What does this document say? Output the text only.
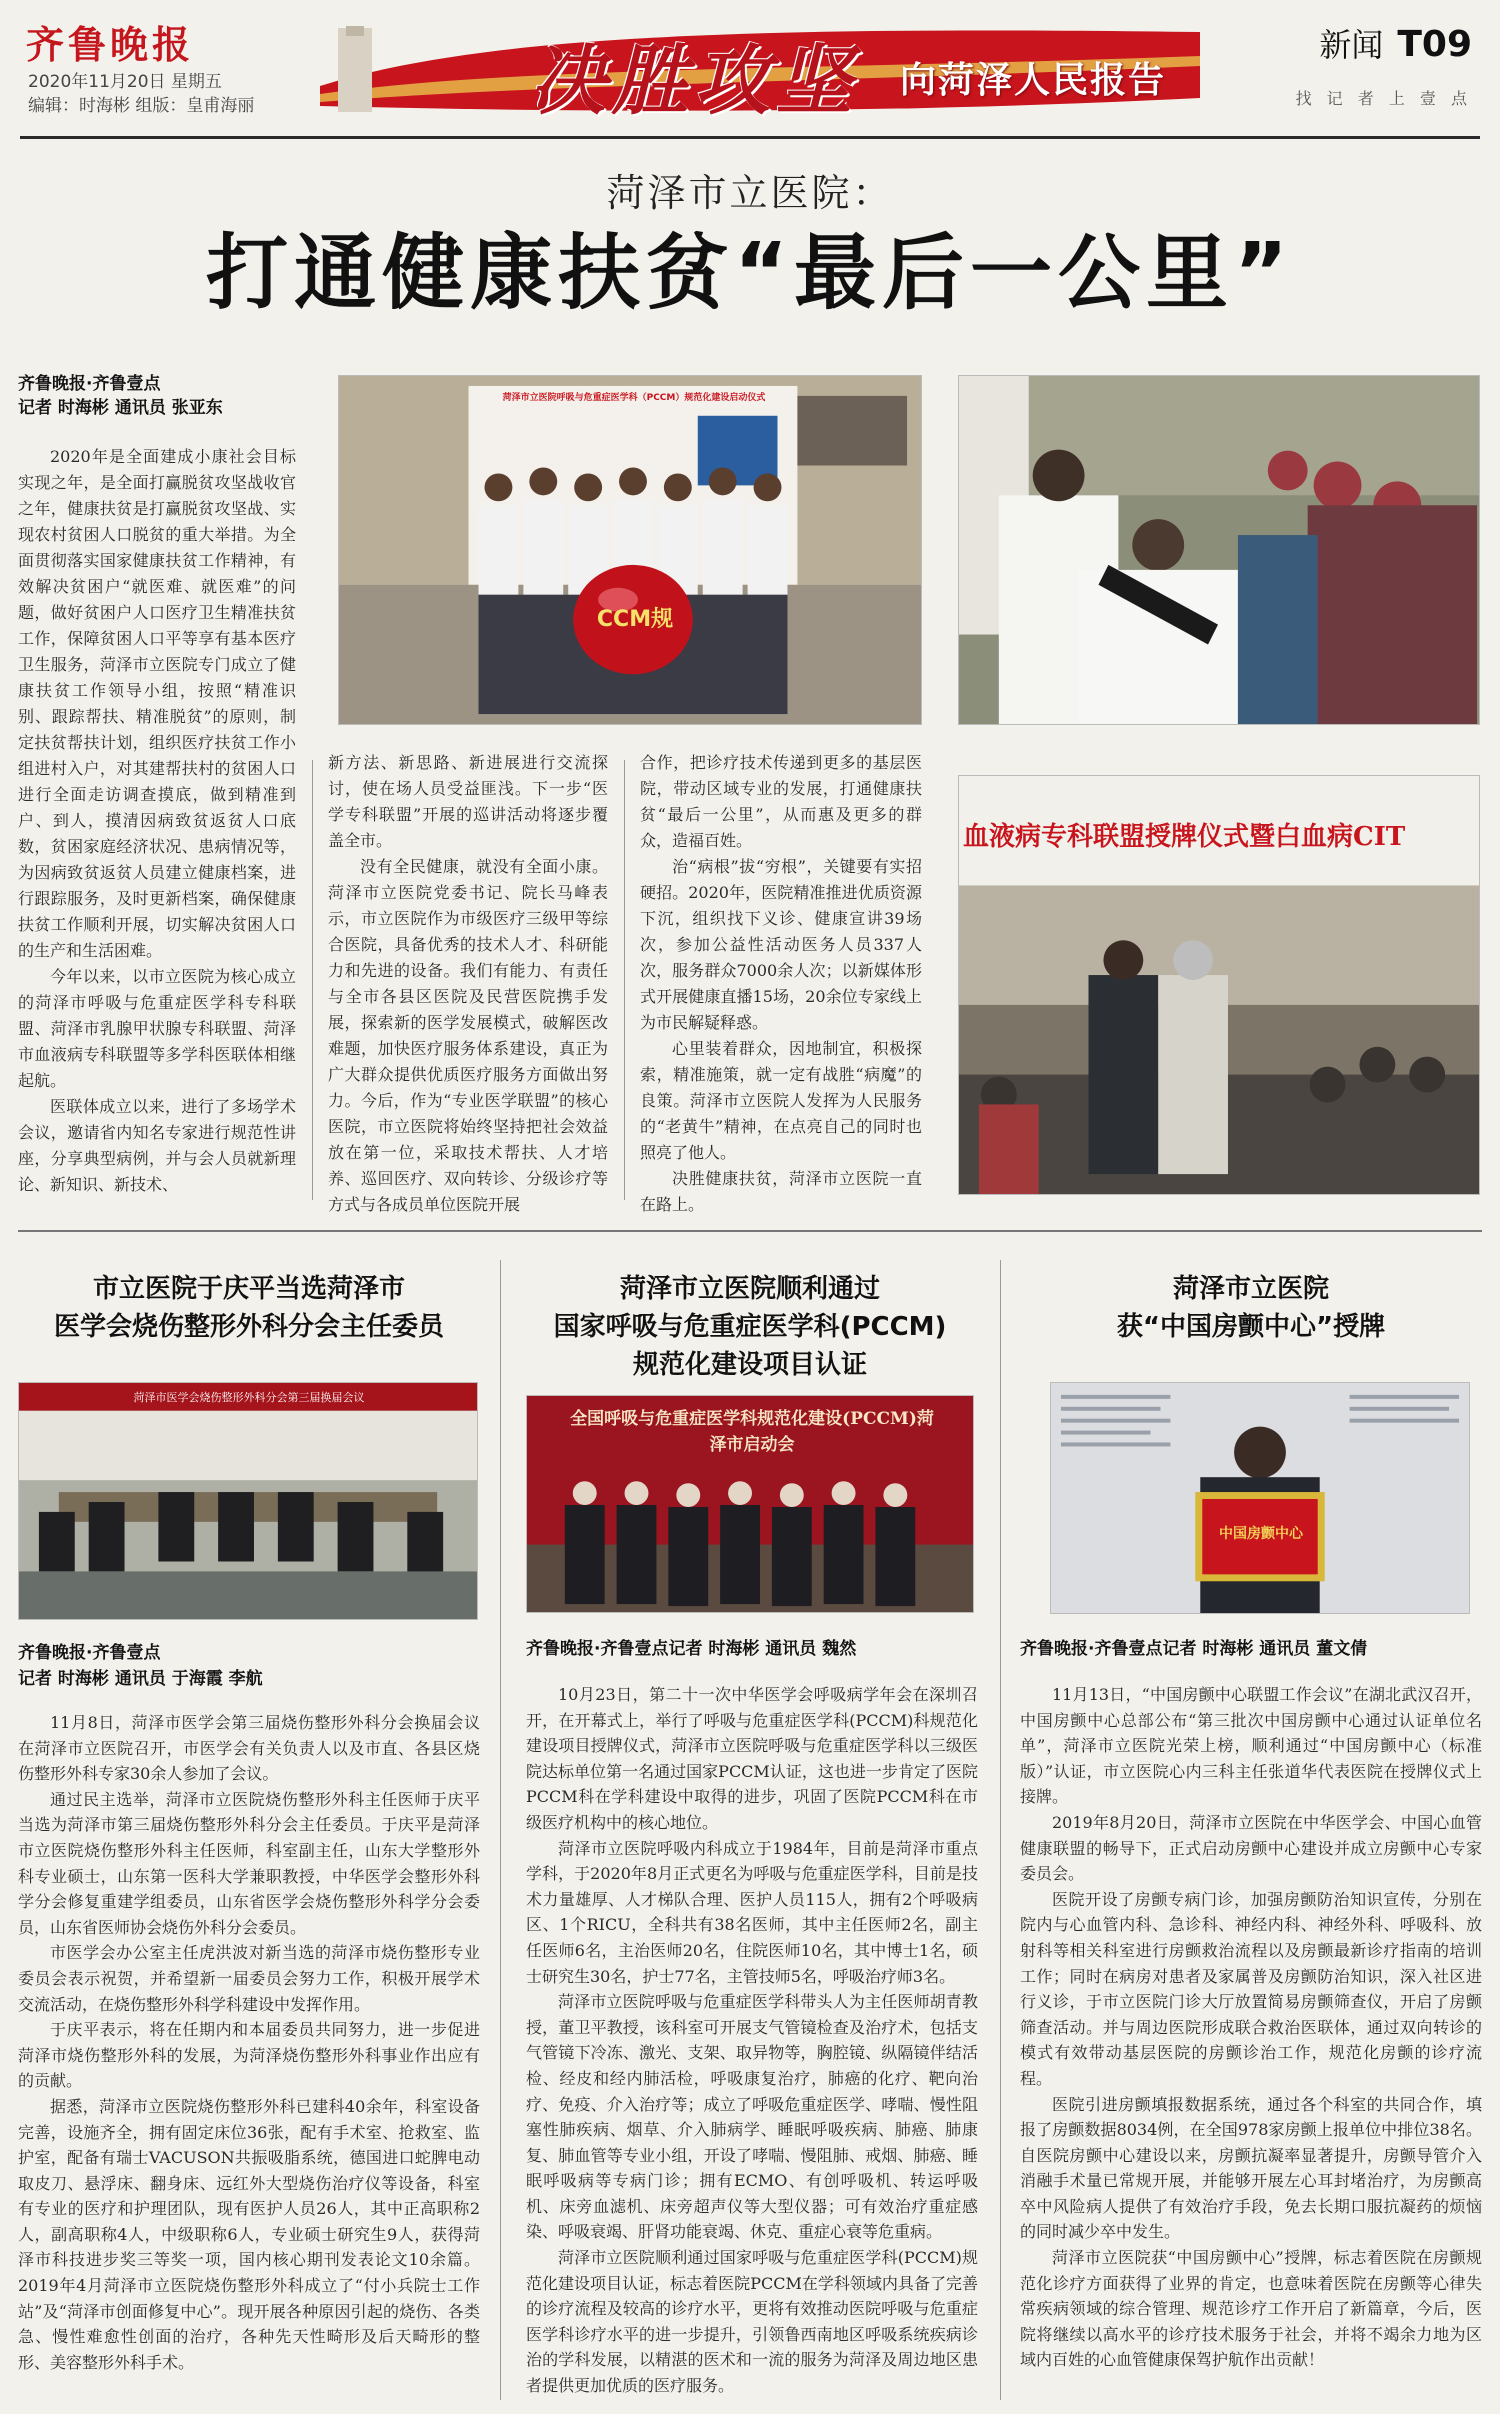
齐鲁晚报
2020年11月20日 星期五
编辑：时海彬 组版：皇甫海丽	决胜攻坚 向菏泽人民报告
新闻 T09
找 记 者 上 壹 点
菏泽市立医院：
打通健康扶贫“最后一公里”
齐鲁晚报·齐鲁壹点
记者 时海彬 通讯员 张亚东

2020年是全面建成小康社会目标实现之年，是全面打赢脱贫攻坚战收官之年，健康扶贫是打赢脱贫攻坚战、实现农村贫困人口脱贫的重大举措。为全面贯彻落实国家健康扶贫工作精神，有效解决贫困户“就医难、就医难”的问题，做好贫困户人口医疗卫生精准扶贫工作，保障贫困人口平等享有基本医疗卫生服务，菏泽市立医院专门成立了健康扶贫工作领导小组，按照“精准识别、跟踪帮扶、精准脱贫”的原则，制定扶贫帮扶计划，组织医疗扶贫工作小组进村入户，对其建帮扶村的贫困人口进行全面走访调查摸底，做到精准到户、到人，摸清因病致贫返贫人口底数，贫困家庭经济状况、患病情况等，为因病致贫返贫人员建立健康档案，进行跟踪服务，及时更新档案，确保健康扶贫工作顺利开展，切实解决贫困人口的生产和生活困难。

今年以来，以市立医院为核心成立的菏泽市呼吸与危重症医学科专科联盟、菏泽市乳腺甲状腺专科联盟、菏泽市血液病专科联盟等多学科医联体相继起航。

医联体成立以来，进行了多场学术会议，邀请省内知名专家进行规范性讲座，分享典型病例，并与会人员就新理论、新知识、新技术、

新方法、新思路、新进展进行交流探讨，使在场人员受益匪浅。下一步“医学专科联盟”开展的巡讲活动将逐步覆盖全市。

没有全民健康，就没有全面小康。菏泽市立医院党委书记、院长马峰表示，市立医院作为市级医疗三级甲等综合医院，具备优秀的技术人才、科研能力和先进的设备。我们有能力、有责任与全市各县区医院及民营医院携手发展，探索新的医学发展模式，破解医改难题，加快医疗服务体系建设，真正为广大群众提供优质医疗服务方面做出努力。今后，作为“专业医学联盟”的核心医院，市立医院将始终坚持把社会效益放在第一位，采取技术帮扶、人才培养、巡回医疗、双向转诊、分级诊疗等方式与各成员单位医院开展

合作，把诊疗技术传递到更多的基层医院，带动区域专业的发展，打通健康扶贫“最后一公里”，从而惠及更多的群众，造福百姓。

治“病根”拔“穷根”，关键要有实招硬招。2020年，医院精准推进优质资源下沉，组织找下义诊、健康宣讲39场次，参加公益性活动医务人员337人次，服务群众7000余人次；以新媒体形式开展健康直播15场，20余位专家线上为市民解疑释惑。

心里装着群众，因地制宜，积极探索，精准施策，就一定有战胜“病魔”的良策。菏泽市立医院人发挥为人民服务的“老黄牛”精神，在点亮自己的同时也照亮了他人。

决胜健康扶贫，菏泽市立医院一直在路上。

菏泽市立医院呼吸与危重症医学科（PCCM）规范化建设启动仪式
CCM规
血液病专科联盟授牌仪式暨白血病CIT
市立医院于庆平当选菏泽市
医学会烧伤整形外科分会主任委员
菏泽市医学会烧伤整形外科分会第三届换届会议
齐鲁晚报·齐鲁壹点
记者 时海彬 通讯员 于海霞 李航

11月8日，菏泽市医学会第三届烧伤整形外科分会换届会议在菏泽市立医院召开，市医学会有关负责人以及市直、各县区烧伤整形外科专家30余人参加了会议。

通过民主选举，菏泽市立医院烧伤整形外科主任医师于庆平当选为菏泽市第三届烧伤整形外科分会主任委员。于庆平是菏泽市立医院烧伤整形外科主任医师，科室副主任，山东大学整形外科专业硕士，山东第一医科大学兼职教授，中华医学会整形外科学分会修复重建学组委员，山东省医学会烧伤整形外科学分会委员，山东省医师协会烧伤外科分会委员。

市医学会办公室主任虎洪波对新当选的菏泽市烧伤整形专业委员会表示祝贺，并希望新一届委员会努力工作，积极开展学术交流活动，在烧伤整形外科学科建设中发挥作用。

于庆平表示，将在任期内和本届委员共同努力，进一步促进菏泽市烧伤整形外科的发展，为菏泽烧伤整形外科事业作出应有的贡献。

据悉，菏泽市立医院烧伤整形外科已建科40余年，科室设备完善，设施齐全，拥有固定床位36张，配有手术室、抢救室、监护室，配备有瑞士VACUSON共振吸脂系统，德国进口蛇脾电动取皮刀、悬浮床、翻身床、远红外大型烧伤治疗仪等设备，科室有专业的医疗和护理团队，现有医护人员26人，其中正高职称2人，副高职称4人，中级职称6人，专业硕士研究生9人，获得菏泽市科技进步奖三等奖一项，国内核心期刊发表论文10余篇。2019年4月菏泽市立医院烧伤整形外科成立了“付小兵院士工作站”及“菏泽市创面修复中心”。现开展各种原因引起的烧伤、各类急、慢性难愈性创面的治疗，各种先天性畸形及后天畸形的整形、美容整形外科手术。

菏泽市立医院顺利通过
国家呼吸与危重症医学科(PCCM)
规范化建设项目认证
全国呼吸与危重症医学科规范化建设(PCCM)菏泽市启动会
齐鲁晚报·齐鲁壹点记者 时海彬 通讯员 魏然

10月23日，第二十一次中华医学会呼吸病学年会在深圳召开，在开幕式上，举行了呼吸与危重症医学科(PCCM)科规范化建设项目授牌仪式，菏泽市立医院呼吸与危重症医学科以三级医院达标单位第一名通过国家PCCM认证，这也进一步肯定了医院PCCM科在学科建设中取得的进步，巩固了医院PCCM科在市级医疗机构中的核心地位。

菏泽市立医院呼吸内科成立于1984年，目前是菏泽市重点学科，于2020年8月正式更名为呼吸与危重症医学科，目前是技术力量雄厚、人才梯队合理、医护人员115人，拥有2个呼吸病区、1个RICU，全科共有38名医师，其中主任医师2名，副主任医师6名，主治医师20名，住院医师10名，其中博士1名，硕士研究生30名，护士77名，主管技师5名，呼吸治疗师3名。

菏泽市立医院呼吸与危重症医学科带头人为主任医师胡青教授，董卫平教授，该科室可开展支气管镜检查及治疗术，包括支气管镜下冷冻、激光、支架、取异物等，胸腔镜、纵隔镜伴结活检、经皮和经内肺活检，呼吸康复治疗，肺癌的化疗、靶向治疗、免疫、介入治疗等；成立了呼吸危重症医学、哮喘、慢性阻塞性肺疾病、烟草、介入肺病学、睡眠呼吸疾病、肺癌、肺康复、肺血管等专业小组，开设了哮喘、慢阻肺、戒烟、肺癌、睡眠呼吸病等专病门诊；拥有ECMO、有创呼吸机、转运呼吸机、床旁血滤机、床旁超声仪等大型仪器；可有效治疗重症感染、呼吸衰竭、肝肾功能衰竭、休克、重症心衰等危重病。

菏泽市立医院顺利通过国家呼吸与危重症医学科(PCCM)规范化建设项目认证，标志着医院PCCM在学科领域内具备了完善的诊疗流程及较高的诊疗水平，更将有效推动医院呼吸与危重症医学科诊疗水平的进一步提升，引领鲁西南地区呼吸系统疾病诊治的学科发展，以精湛的医术和一流的服务为菏泽及周边地区患者提供更加优质的医疗服务。

菏泽市立医院
获“中国房颤中心”授牌
中国房颤中心
齐鲁晚报·齐鲁壹点记者 时海彬 通讯员 董文倩

11月13日，“中国房颤中心联盟工作会议”在湖北武汉召开，中国房颤中心总部公布“第三批次中国房颤中心通过认证单位名单”，菏泽市立医院光荣上榜，顺利通过“中国房颤中心（标准版）”认证，市立医院心内三科主任张道华代表医院在授牌仪式上接牌。

2019年8月20日，菏泽市立医院在中华医学会、中国心血管健康联盟的畅导下，正式启动房颤中心建设并成立房颤中心专家委员会。

医院开设了房颤专病门诊，加强房颤防治知识宣传，分别在院内与心血管内科、急诊科、神经内科、神经外科、呼吸科、放射科等相关科室进行房颤救治流程以及房颤最新诊疗指南的培训工作；同时在病房对患者及家属普及房颤防治知识，深入社区进行义诊，于市立医院门诊大厅放置简易房颤筛查仪，开启了房颤筛查活动。并与周边医院形成联合救治医联体，通过双向转诊的模式有效带动基层医院的房颤诊治工作，规范化房颤的诊疗流程。

医院引进房颤填报数据系统，通过各个科室的共同合作，填报了房颤数据8034例，在全国978家房颤上报单位中排位38名。自医院房颤中心建设以来，房颤抗凝率显著提升，房颤导管介入消融手术量已常规开展，并能够开展左心耳封堵治疗，为房颤高卒中风险病人提供了有效治疗手段，免去长期口服抗凝药的烦恼的同时减少卒中发生。

菏泽市立医院获“中国房颤中心”授牌，标志着医院在房颤规范化诊疗方面获得了业界的肯定，也意味着医院在房颤等心律失常疾病领域的综合管理、规范诊疗工作开启了新篇章，今后，医院将继续以高水平的诊疗技术服务于社会，并将不竭余力地为区域内百姓的心血管健康保驾护航作出贡献！
